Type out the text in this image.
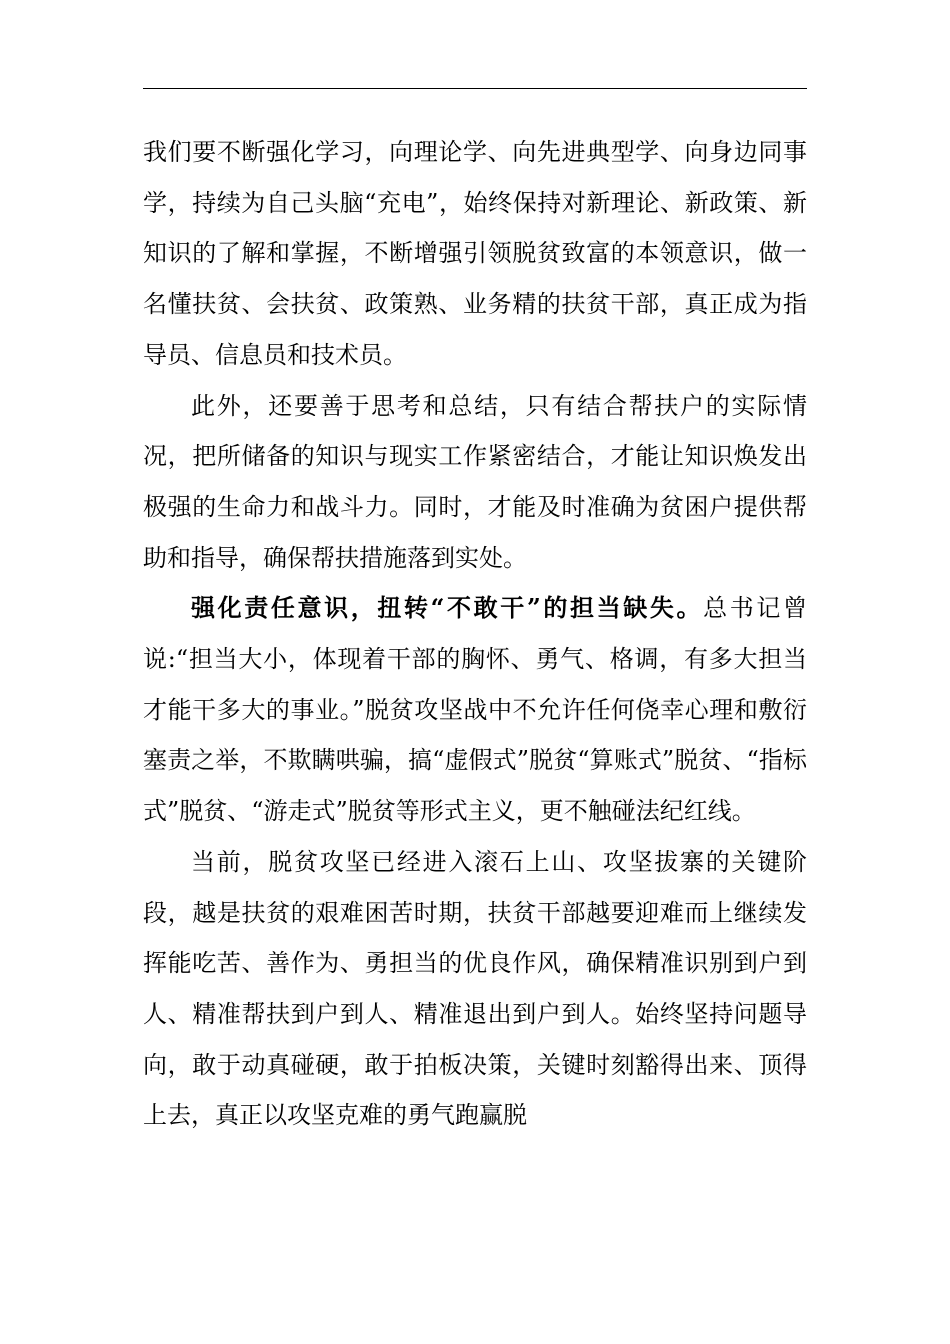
我们要不断强化学习，向理论学、向先进典型学、向身边同事学，持续为自己头脑“充电”，始终保持对新理论、新政策、新知识的了解和掌握，不断增强引领脱贫致富的本领意识，做一名懂扶贫、会扶贫、政策熟、业务精的扶贫干部，真正成为指导员、信息员和技术员。

此外，还要善于思考和总结，只有结合帮扶户的实际情况，把所储备的知识与现实工作紧密结合，才能让知识焕发出极强的生命力和战斗力。同时，才能及时准确为贫困户提供帮助和指导，确保帮扶措施落到实处。

强化责任意识，扭转“不敢干”的担当缺失。总书记曾说:“担当大小，体现着干部的胸怀、勇气、格调，有多大担当才能干多大的事业。”脱贫攻坚战中不允许任何侥幸心理和敷衍塞责之举，不欺瞒哄骗，搞“虚假式”脱贫“算账式”脱贫、“指标式”脱贫、“游走式”脱贫等形式主义，更不触碰法纪红线。

当前，脱贫攻坚已经进入滚石上山、攻坚拔寨的关键阶段，越是扶贫的艰难困苦时期，扶贫干部越要迎难而上继续发挥能吃苦、善作为、勇担当的优良作风，确保精准识别到户到人、精准帮扶到户到人、精准退出到户到人。始终坚持问题导向，敢于动真碰硬，敢于拍板决策，关键时刻豁得出来、顶得上去，真正以攻坚克难的勇气跑赢脱
